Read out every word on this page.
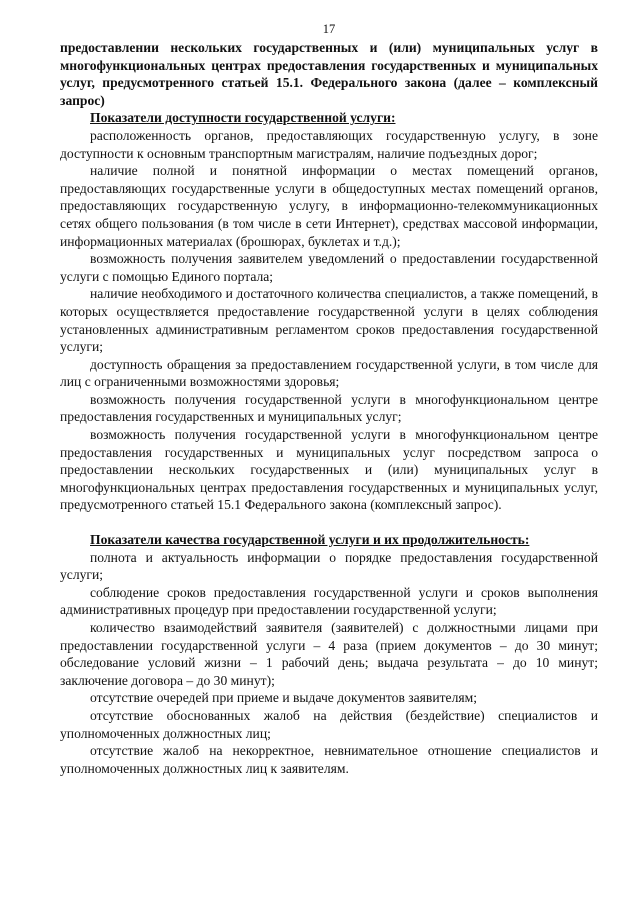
17

предоставлении нескольких государственных и (или) муниципальных услуг в многофункциональных центрах предоставления государственных и муниципальных услуг, предусмотренного статьей 15.1. Федерального закона (далее – комплексный запрос)

Показатели доступности государственной услуги:

расположенность органов, предоставляющих государственную услугу, в зоне доступности к основным транспортным магистралям, наличие подъездных дорог;

наличие полной и понятной информации о местах помещений органов, предоставляющих государственные услуги в общедоступных местах помещений органов, предоставляющих государственную услугу, в информационно-телекоммуникационных сетях общего пользования (в том числе в сети Интернет), средствах массовой информации, информационных материалах (брошюрах, буклетах и т.д.);

возможность получения заявителем уведомлений о предоставлении государственной услуги с помощью Единого портала;

наличие необходимого и достаточного количества специалистов, а также помещений, в которых осуществляется предоставление государственной услуги в целях соблюдения установленных административным регламентом сроков предоставления государственной услуги;

доступность обращения за предоставлением государственной услуги, в том числе для лиц с ограниченными возможностями здоровья;

возможность получения государственной услуги в многофункциональном центре предоставления государственных и муниципальных услуг;

возможность получения государственной услуги в многофункциональном центре предоставления государственных и муниципальных услуг посредством запроса о предоставлении нескольких государственных и (или) муниципальных услуг в многофункциональных центрах предоставления государственных и муниципальных услуг, предусмотренного статьей 15.1 Федерального закона (комплексный запрос).

Показатели качества государственной услуги и их продолжительность:

полнота и актуальность информации о порядке предоставления государственной услуги;

соблюдение сроков предоставления государственной услуги и сроков выполнения административных процедур при предоставлении государственной услуги;

количество взаимодействий заявителя (заявителей) с должностными лицами при предоставлении государственной услуги – 4 раза (прием документов – до 30 минут; обследование условий жизни – 1 рабочий день; выдача результата – до 10 минут; заключение договора – до 30 минут);

отсутствие очередей при приеме и выдаче документов заявителям;

отсутствие обоснованных жалоб на действия (бездействие) специалистов и уполномоченных должностных лиц;

отсутствие жалоб на некорректное, невнимательное отношение специалистов и уполномоченных должностных лиц к заявителям.
